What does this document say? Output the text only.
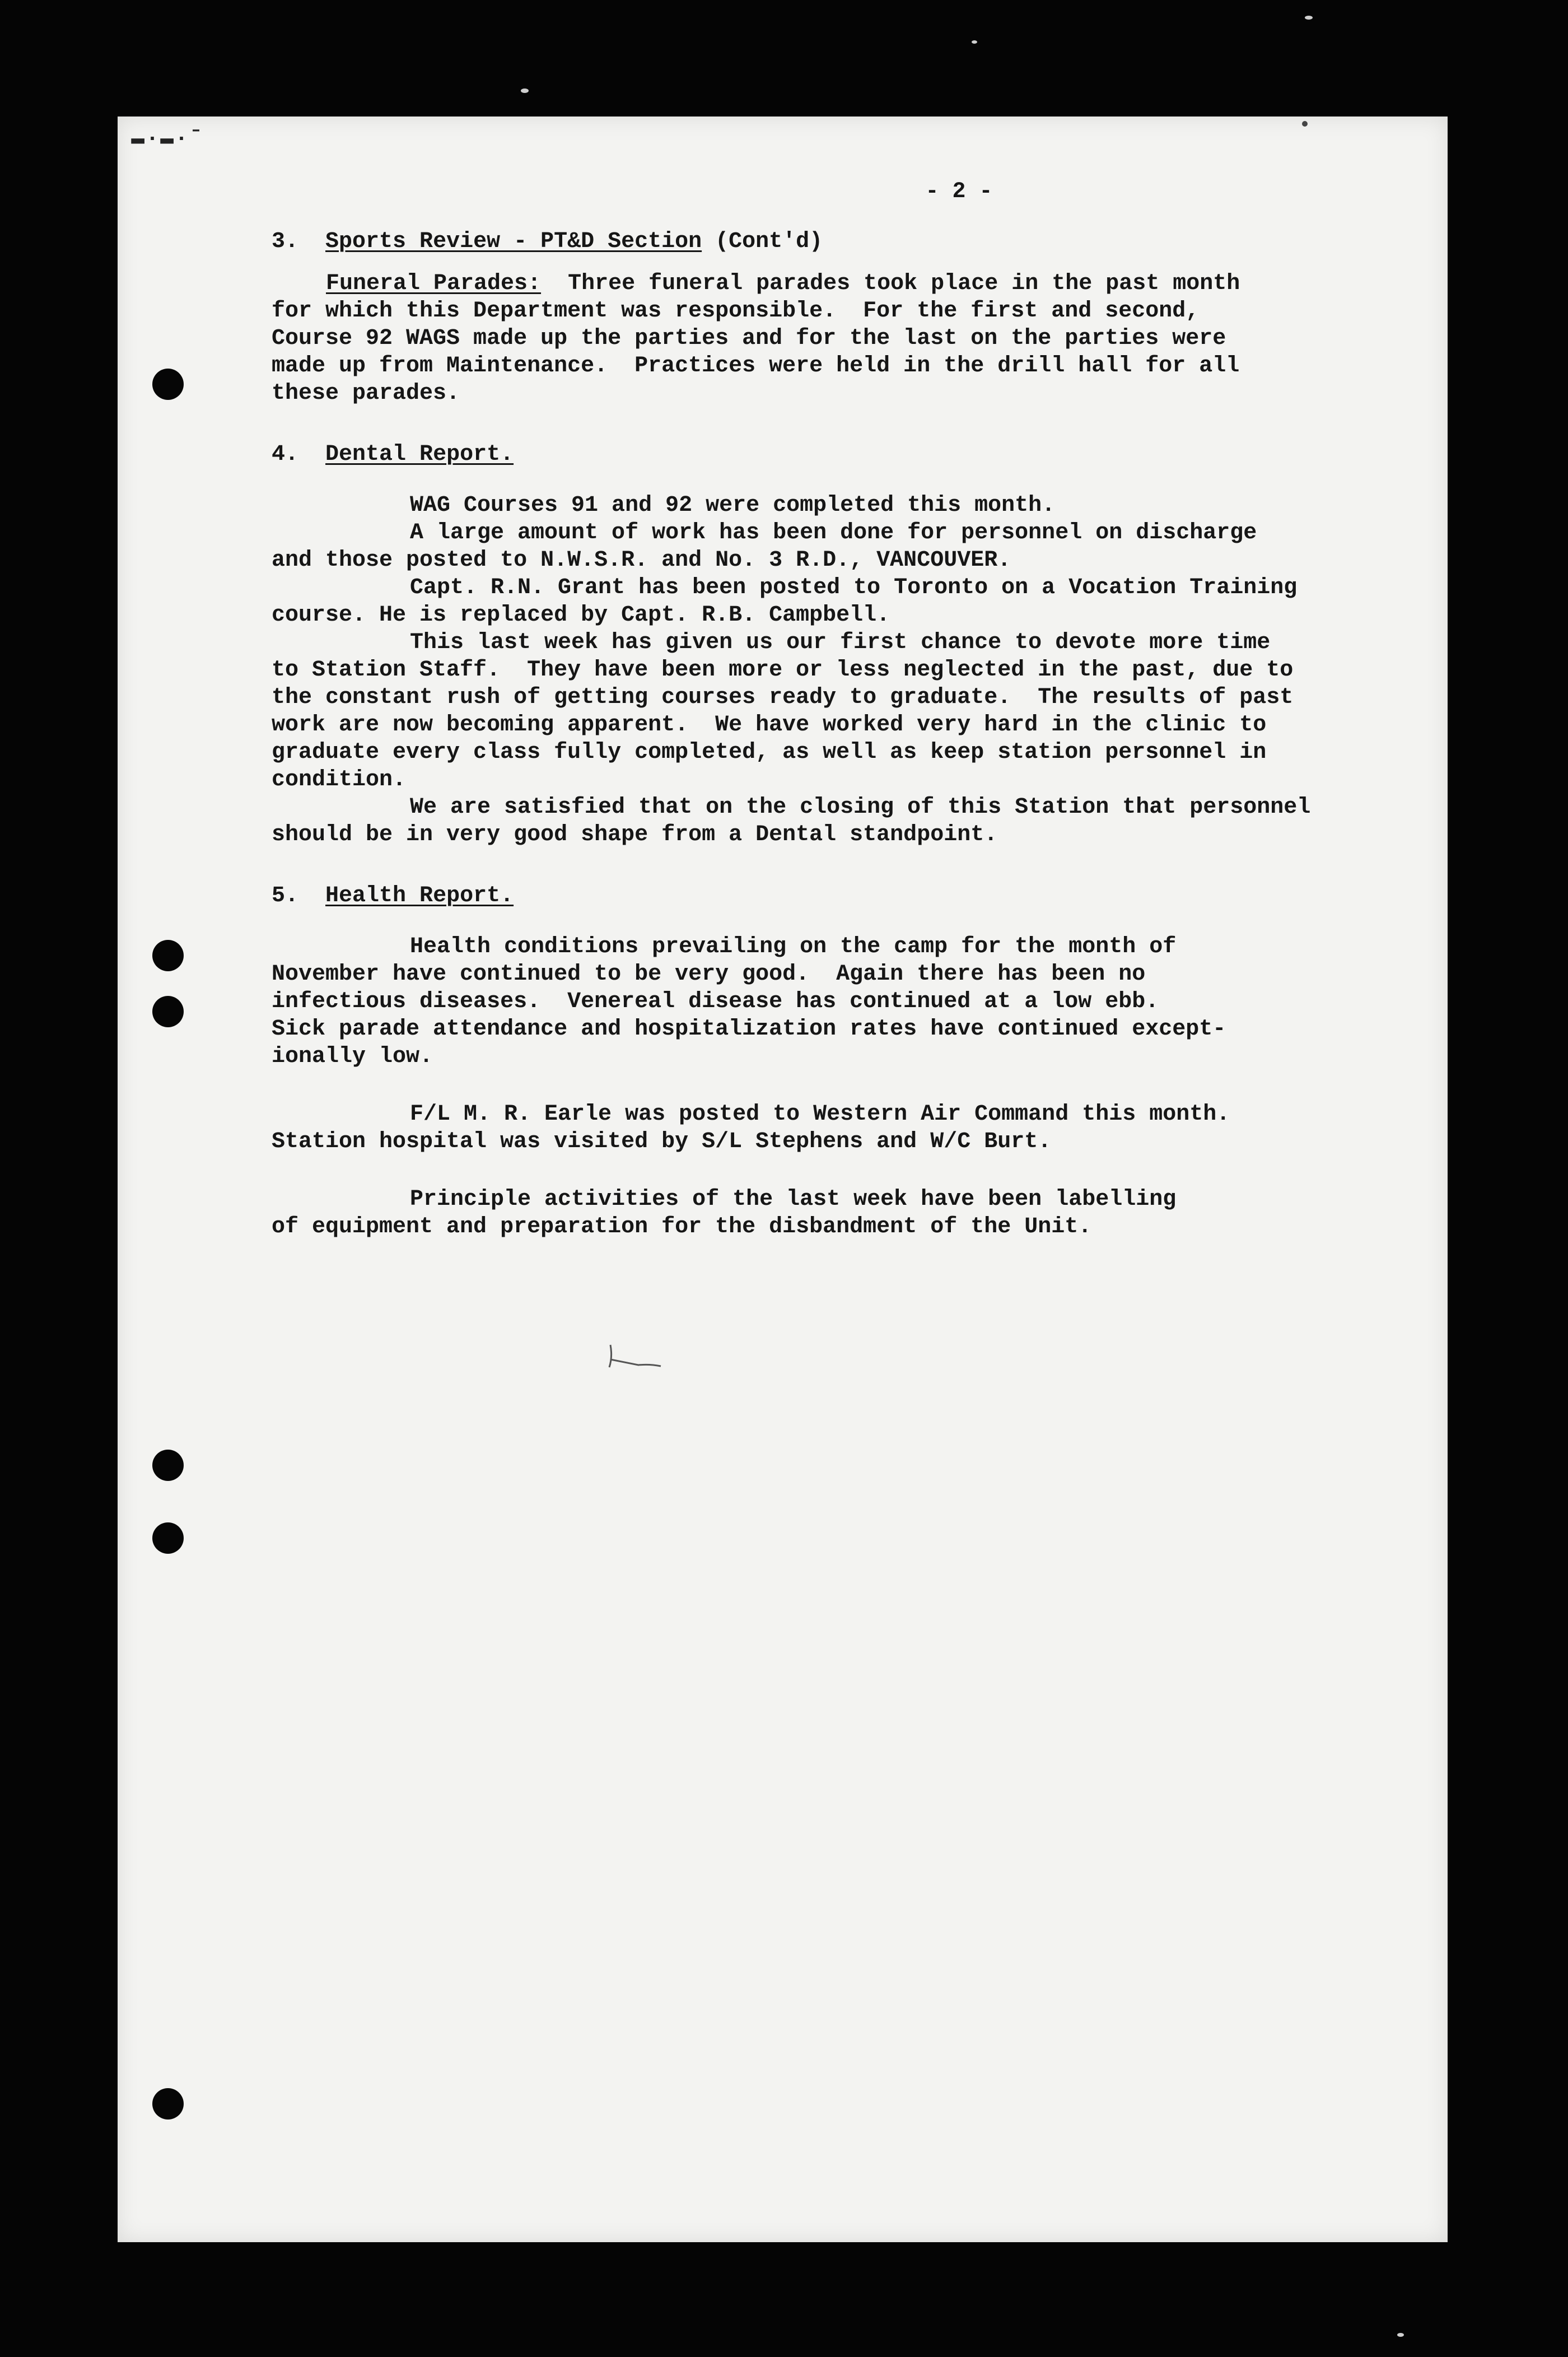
▬·▬·ˉ
- 2 -

3. Sports Review - PT&D Section (Cont'd)

Funeral Parades: Three funeral parades took place in the past month

for which this Department was responsible.  For the first and second,

Course 92 WAGS made up the parties and for the last on the parties were

made up from Maintenance.  Practices were held in the drill hall for all

these parades.

4. Dental Report.

WAG Courses 91 and 92 were completed this month.

A large amount of work has been done for personnel on discharge

and those posted to N.W.S.R. and No. 3 R.D., VANCOUVER.

Capt. R.N. Grant has been posted to Toronto on a Vocation Training

course. He is replaced by Capt. R.B. Campbell.

This last week has given us our first chance to devote more time

to Station Staff.  They have been more or less neglected in the past, due to

the constant rush of getting courses ready to graduate.  The results of past

work are now becoming apparent.  We have worked very hard in the clinic to

graduate every class fully completed, as well as keep station personnel in

condition.

We are satisfied that on the closing of this Station that personnel

should be in very good shape from a Dental standpoint.

5. Health Report.

Health conditions prevailing on the camp for the month of

November have continued to be very good.  Again there has been no

infectious diseases.  Venereal disease has continued at a low ebb.

Sick parade attendance and hospitalization rates have continued except-

ionally low.

F/L M. R. Earle was posted to Western Air Command this month.

Station hospital was visited by S/L Stephens and W/C Burt.

Principle activities of the last week have been labelling

of equipment and preparation for the disbandment of the Unit.
